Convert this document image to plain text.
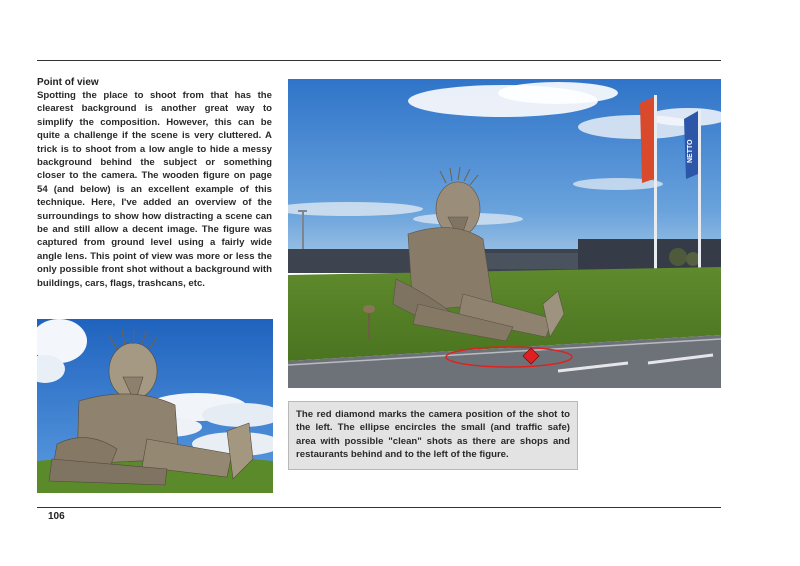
Point of view

Spotting the place to shoot from that has the clearest background is another great way to simplify the composition. However, this can be quite a challenge if the scene is very cluttered. A trick is to shoot from a low angle to hide a messy background behind the subject or something closer to the camera. The wooden figure on page 54 (and below) is an excellent example of this technique. Here, I've added an overview of the surroundings to show how distracting a scene can be and still allow a decent image. The figure was captured from ground level using a fairly wide angle lens. This point of view was more or less the only possible front shot without a background with buildings, cars, flags, trashcans, etc.

NETTO

The red diamond marks the camera position of the shot to the left. The ellipse encircles the small (and traffic safe) area with possible "clean" shots as there are shops and restaurants behind and to the left of the figure.

106
